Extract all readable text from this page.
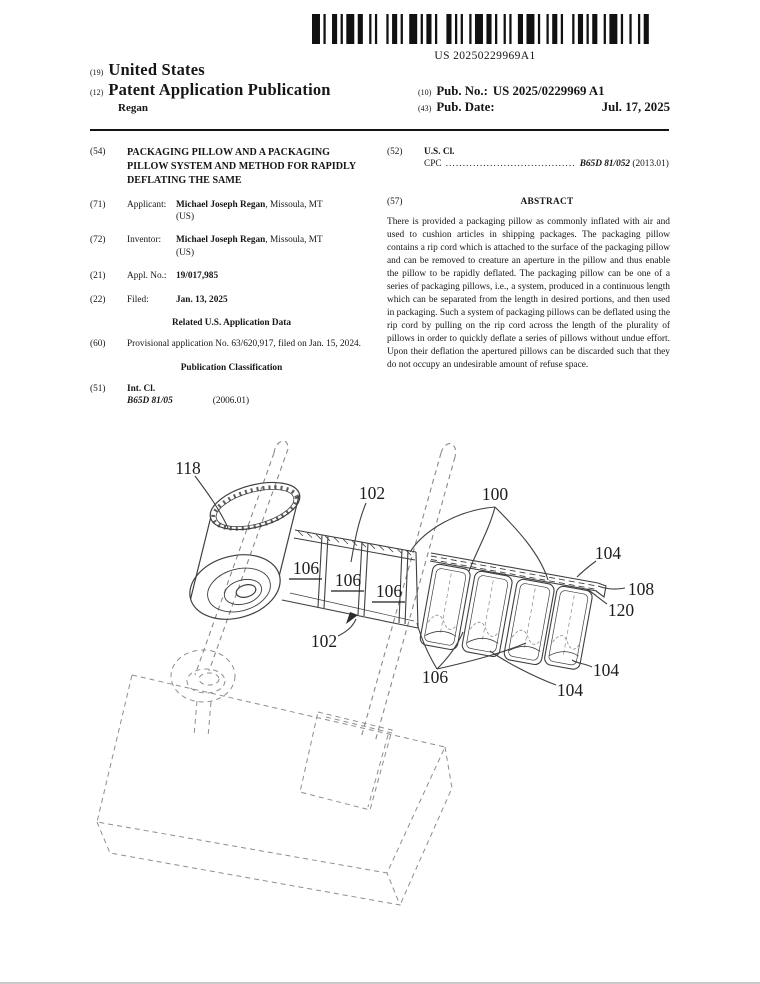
US 20250229969A1
(19) United States
(12) Patent Application Publication	(10) Pub. No.: US 2025/0229969 A1
Regan	(43) Pub. Date:	Jul. 17, 2025
(54)	PACKAGING PILLOW AND A PACKAGING PILLOW SYSTEM AND METHOD FOR RAPIDLY DEFLATING THE SAME
(71)	Applicant:	Michael Joseph Regan, Missoula, MT
(US)
(72)	Inventor:	Michael Joseph Regan, Missoula, MT
(US)
(21)	Appl. No.:	19/017,985
(22)	Filed:	Jan. 13, 2025
Related U.S. Application Data
(60)	Provisional application No. 63/620,917, filed on Jan. 15, 2024.
Publication Classification
(51)	Int. Cl.
B65D 81/05	(2006.01)
(52)	U.S. Cl.
CPC ...................................... B65D 81/052
(2013.01)
(57)	ABSTRACT

There is provided a packaging pillow as commonly inflated with air and used to cushion articles in shipping packages. The packaging pillow contains a rip cord which is attached to the surface of the packaging pillow and can be removed to creature an aperture in the pillow and thus enable the pillow to be rapidly deflated. The packaging pillow can be one of a series of packaging pillows, i.e., a system, produced in a continuous length which can be separated from the length in desired portions, and then used in packaging. Such a system of packaging pillows can be deflated using the rip cord by pulling on the rip cord across the length of the plurality of pillows in order to quickly deflate a series of pillows without undue effort. Upon their deflation the apertured pillows can be discarded such that they do not occupy an undesirable amount of refuse space.

118
102	100
104
108
120
106
106
106
102
106	104
104
